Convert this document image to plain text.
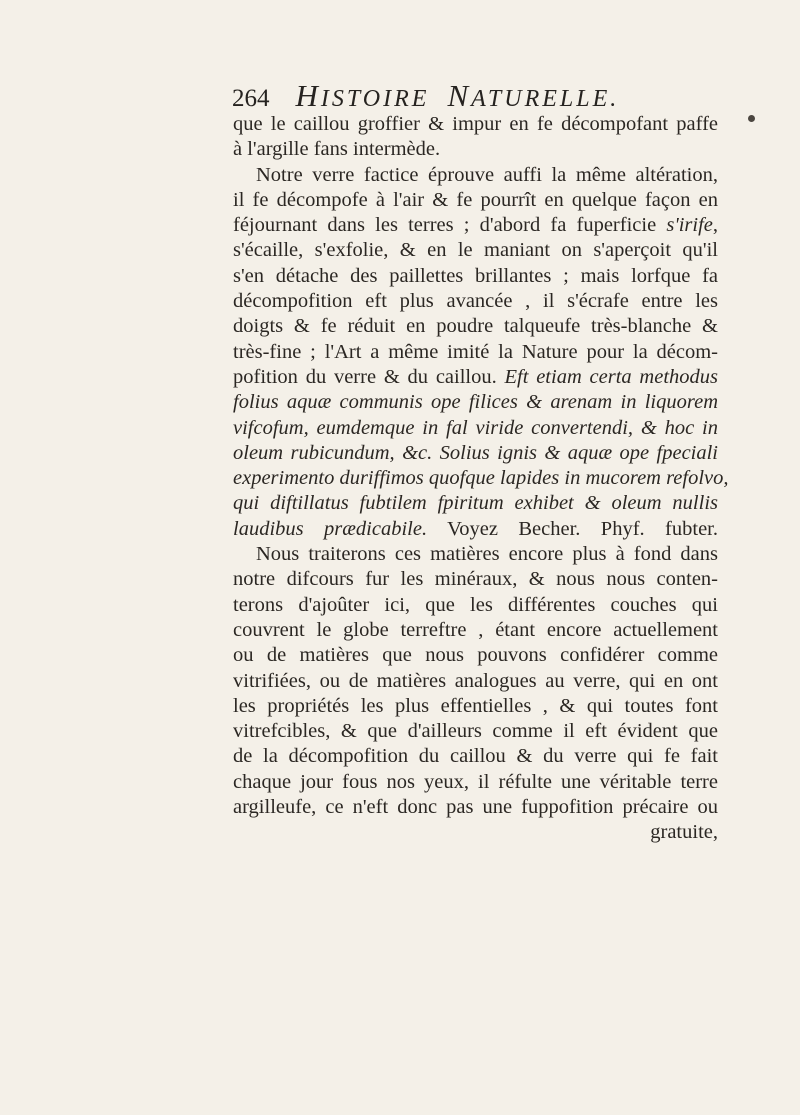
264 HISTOIRE NATURELLE.
que le caillou groffier & impur en fe décompofant paffe
à l'argille fans intermède.
Notre verre factice éprouve auffi la même altération,
il fe décompofe à l'air & fe pourrît en quelque façon en
féjournant dans les terres ; d'abord fa fuperficie s'irife,
s'écaille, s'exfolie, & en le maniant on s'aperçoit qu'il
s'en détache des paillettes brillantes ; mais lorfque fa
décompofition eft plus avancée , il s'écrafe entre les
doigts & fe réduit en poudre talqueufe très-blanche &
très-fine ; l'Art a même imité la Nature pour la décom-
pofition du verre & du caillou. Eft etiam certa methodus
folius aquæ communis ope filices & arenam in liquorem
vifcofum, eumdemque in fal viride convertendi, & hoc in
oleum rubicundum, &c. Solius ignis & aquæ ope fpeciali
experimento duriffimos quofque lapides in mucorem refolvo,
qui diftillatus fubtilem fpiritum exhibet & oleum nullis
laudibus prædicabile. Voyez Becher. Phyf. fubter.
Nous traiterons ces matières encore plus à fond dans
notre difcours fur les minéraux, & nous nous conten-
terons d'ajoûter ici, que les différentes couches qui
couvrent le globe terreftre , étant encore actuellement
ou de matières que nous pouvons confidérer comme
vitrifiées, ou de matières analogues au verre, qui en ont
les propriétés les plus effentielles , & qui toutes font
vitrefcibles, & que d'ailleurs comme il eft évident que
de la décompofition du caillou & du verre qui fe fait
chaque jour fous nos yeux, il réfulte une véritable terre
argilleufe, ce n'eft donc pas une fuppofition précaire ou
gratuite,
